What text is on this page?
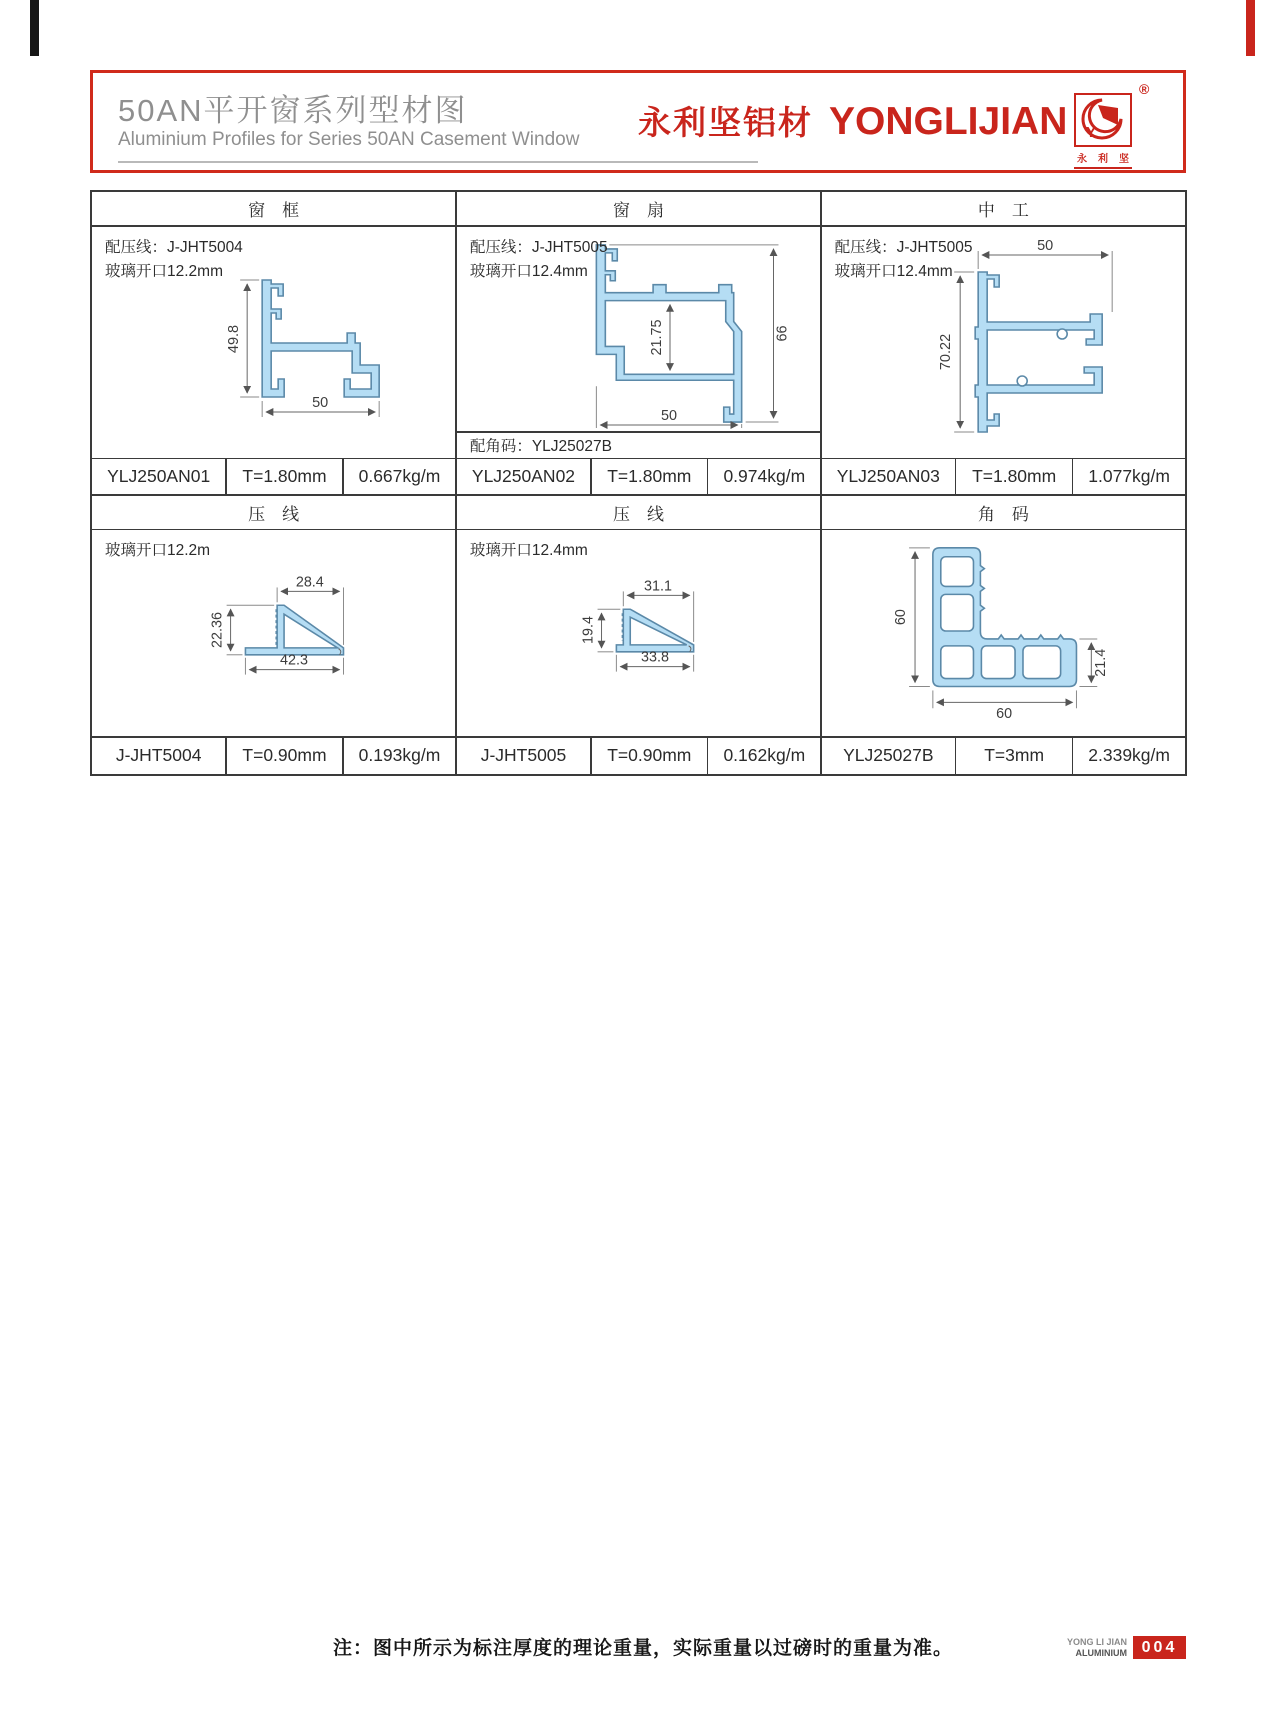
50AN平开窗系列型材图
Aluminium Profiles for Series 50AN Casement Window 永利坚铝材 YONGLIJIAN Y
永 利 坚
®
窗　框	窗　扇	中　工
配压线：J-JHT5004
玻璃开口12.2mm
49.8
50
配压线：J-JHT5005
玻璃开口12.4mm
21.75	66
50
配角码：YLJ25027B
配压线：J-JHT5005
玻璃开口12.4mm
50
70.22
YLJ250AN01	T=1.80mm	0.667kg/m	YLJ250AN02	T=1.80mm	0.974kg/m	YLJ250AN03	T=1.80mm	1.077kg/m
压　线	压　线	角　码
玻璃开口12.2m
28.4
22.36
42.3
玻璃开口12.4mm
31.1
19.4
33.8
60
60
21.4
J-JHT5004	T=0.90mm	0.193kg/m	J-JHT5005	T=0.90mm	0.162kg/m	YLJ25027B	T=3mm	2.339kg/m
注：图中所示为标注厚度的理论重量，实际重量以过磅时的重量为准。	YONG LI JIAN
ALUMINIUM 004
